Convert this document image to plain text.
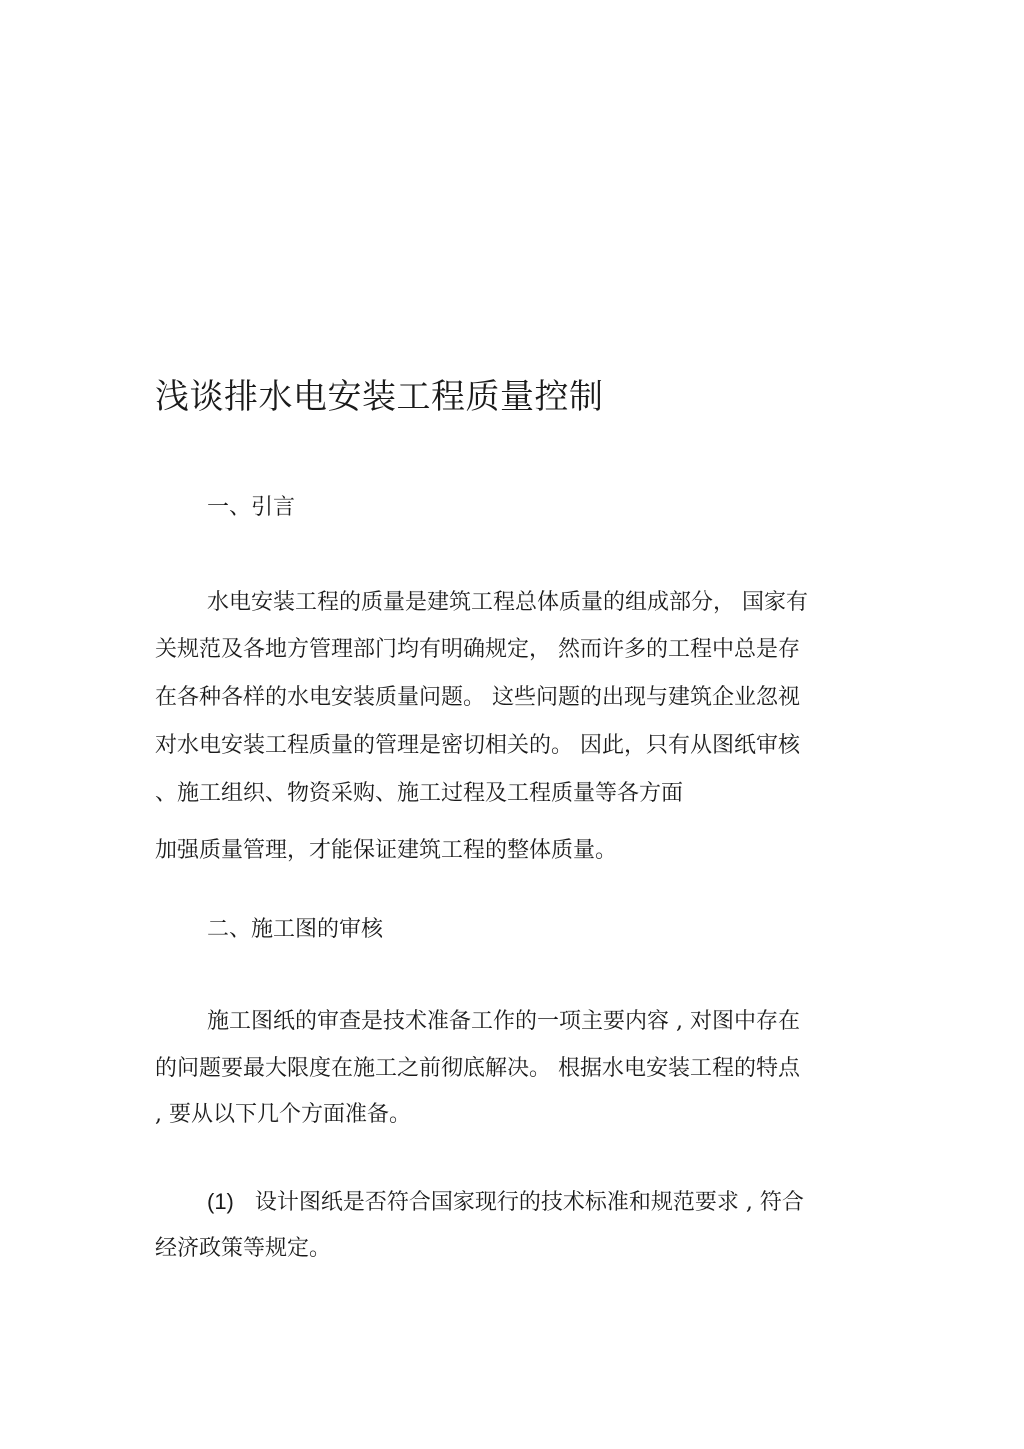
浅谈排水电安装工程质量控制
一、引言
水电安装工程的质量是建筑工程总体质量的组成部分， 国家有
关规范及各地方管理部门均有明确规定， 然而许多的工程中总是存
在各种各样的水电安装质量问题。 这些问题的出现与建筑企业忽视
对水电安装工程质量的管理是密切相关的。 因此，只有从图纸审核
、施工组织、物资采购、施工过程及工程质量等各方面
加强质量管理，才能保证建筑工程的整体质量。
二、施工图的审核
施工图纸的审查是技术准备工作的一项主要内容 , 对图中存在
的问题要最大限度在施工之前彻底解决。 根据水电安装工程的特点
, 要从以下几个方面准备。
(1) 设计图纸是否符合国家现行的技术标准和规范要求 , 符合
经济政策等规定。
